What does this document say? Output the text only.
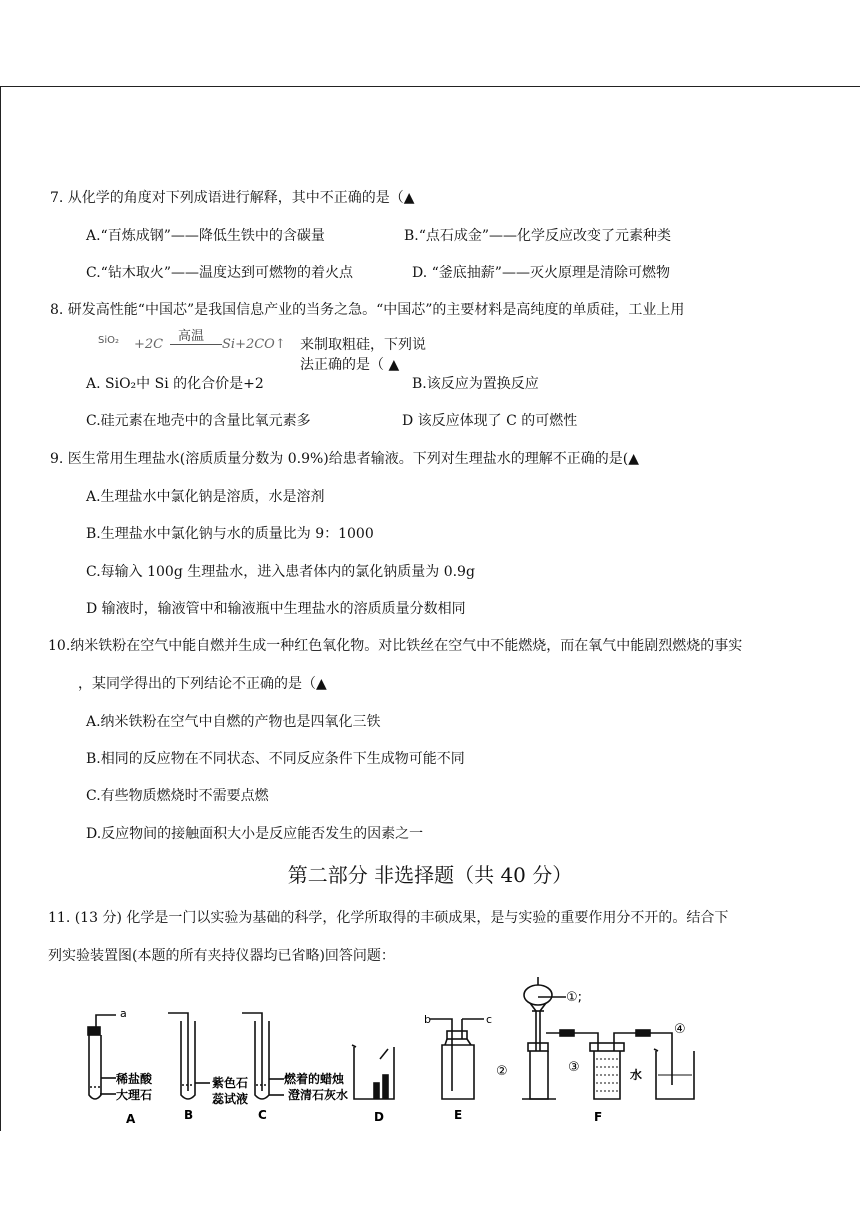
7. 从化学的角度对下列成语进行解释，其中不正确的是（▲
A.“百炼成钢”——降低生铁中的含碳量	B.“点石成金”——化学反应改变了元素种类
C.“钻木取火”——温度达到可燃物的着火点	D. “釜底抽薪”——灭火原理是清除可燃物
8. 研发高性能“中国芯”是我国信息产业的当务之急。“中国芯”的主要材料是高纯度的单质硅，工业上用
SiO₂ +2C
高温
Si+2CO↑ 来制取粗硅，下列说法正确的是（ ▲
A. SiO₂中 Si 的化合价是+2	B.该反应为置换反应
C.硅元素在地壳中的含量比氧元素多	D 该反应体现了 C 的可燃性
9. 医生常用生理盐水(溶质质量分数为 0.9%)给患者输液。下列对生理盐水的理解不正确的是(▲
A.生理盐水中氯化钠是溶质，水是溶剂
B.生理盐水中氯化钠与水的质量比为 9：1000
C.每输入 100g 生理盐水，进入患者体内的氯化钠质量为 0.9g
D 输液时，输液管中和输液瓶中生理盐水的溶质质量分数相同
10.纳米铁粉在空气中能自燃并生成一种红色氧化物。对比铁丝在空气中不能燃烧，而在氧气中能剧烈燃烧的事实
，某同学得出的下列结论不正确的是（▲
A.纳米铁粉在空气中自燃的产物也是四氧化三铁
B.相同的反应物在不同状态、不同反应条件下生成物可能不同
C.有些物质燃烧时不需要点燃
D.反应物间的接触面积大小是反应能否发生的因素之一
第二部分 非选择题（共 40 分）
11. (13 分) 化学是一门以实验为基础的科学，化学所取得的丰硕成果，是与实验的重要作用分不开的。结合下
列实验装置图(本题的所有夹持仪器均已省略)回答问题：
a
稀盐酸
大理石
紫色石
蕊试液
燃着的蜡烛
澄清石灰水
b	c
①;
②	③
④
水
A	B	C	D	E	F
